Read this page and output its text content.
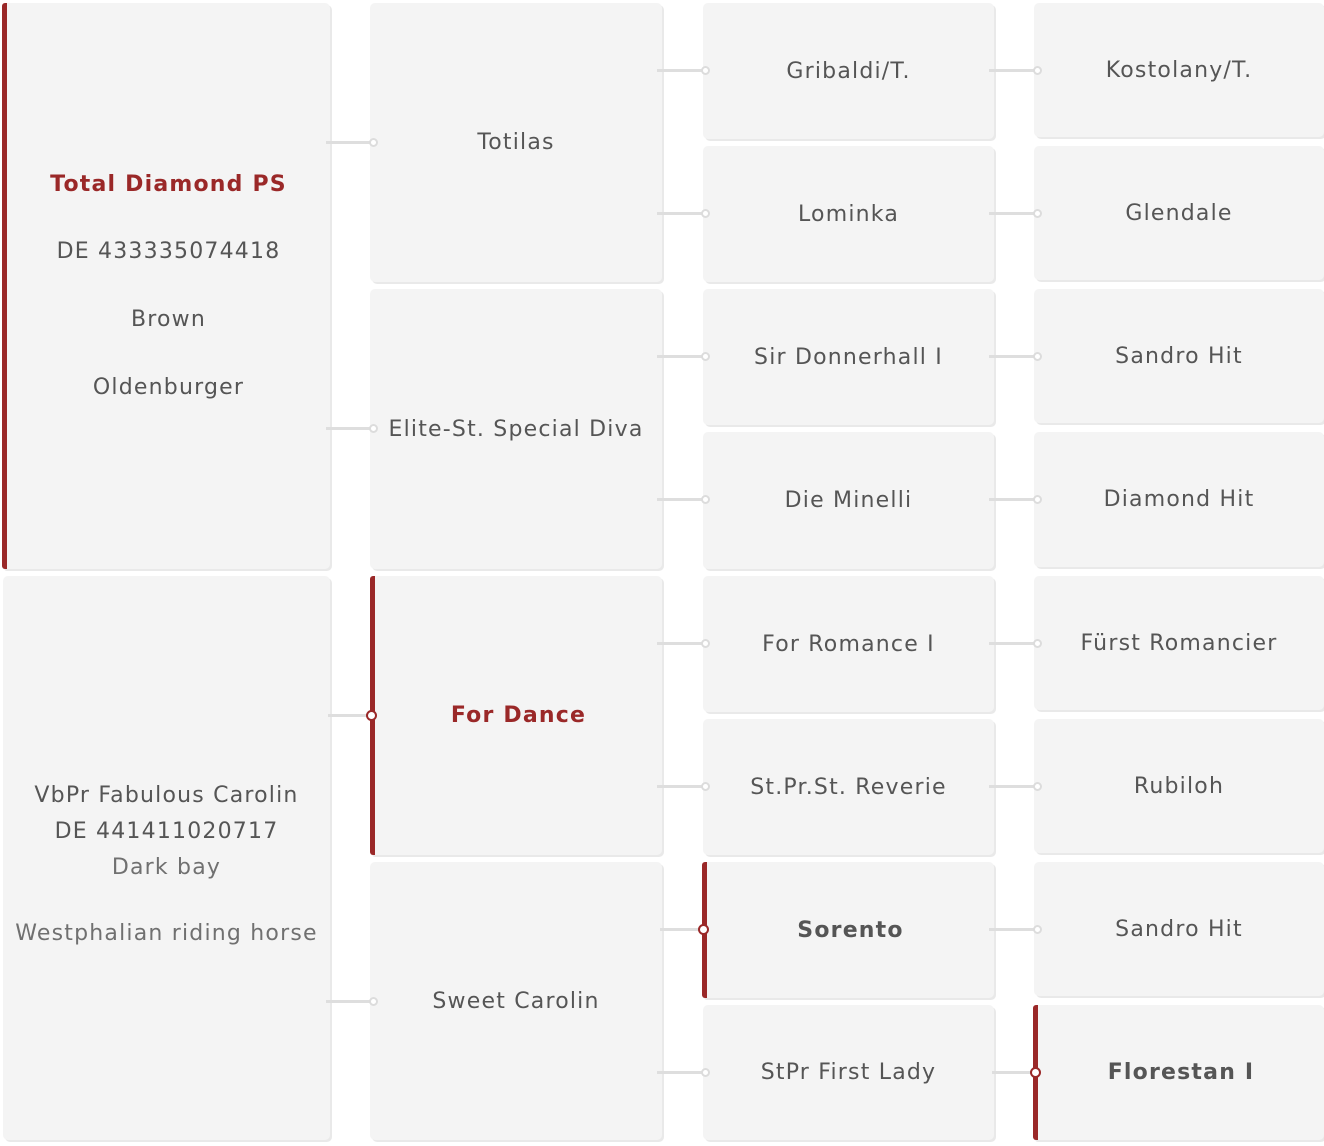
Total Diamond PS
DE 433335074418
Brown
Oldenburger
VbPr Fabulous Carolin
DE 441411020717
Dark bay
Westphalian riding horse
Totilas
Elite-St. Special Diva
For Dance
Sweet Carolin
Gribaldi/T.
Lominka
Sir Donnerhall I
Die Minelli
For Romance I
St.Pr.St. Reverie
Sorento
StPr First Lady
Kostolany/T.
Glendale
Sandro Hit
Diamond Hit
Fürst Romancier
Rubiloh
Sandro Hit
Florestan I
